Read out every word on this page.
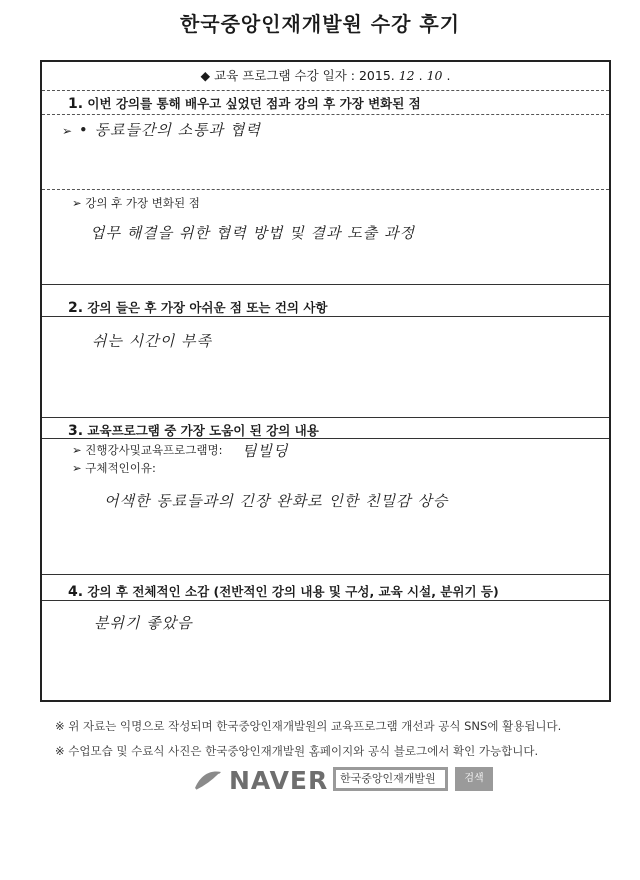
한국중앙인재개발원 수강 후기
◆ 교육 프로그램 수강 일자 : 2015. 12 . 10 .
1. 이번 강의를 통해 배우고 싶었던 점과 강의 후 가장 변화된 점
➢ • 동료들간의 소통과 협력
➢ 강의 후 가장 변화된 점
업무 해결을 위한 협력 방법 및 결과 도출 과정
2. 강의 들은 후 가장 아쉬운 점 또는 건의 사항
쉬는 시간이 부족
3. 교육프로그램 중 가장 도움이 된 강의 내용
➢ 진행강사및교육프로그램명: 팀빌딩
➢ 구체적인이유:
어색한 동료들과의 긴장 완화로 인한 친밀감 상승
4. 강의 후 전체적인 소감 (전반적인 강의 내용 및 구성, 교육 시설, 분위기 등)
분위기 좋았음
※ 위 자료는 익명으로 작성되며 한국중앙인재개발원의 교육프로그램 개선과 공식 SNS에 활용됩니다.
※ 수업모습 및 수료식 사진은 한국중앙인재개발원 홈페이지와 공식 블로그에서 확인 가능합니다.
NAVER	한국중앙인재개발원	검색
